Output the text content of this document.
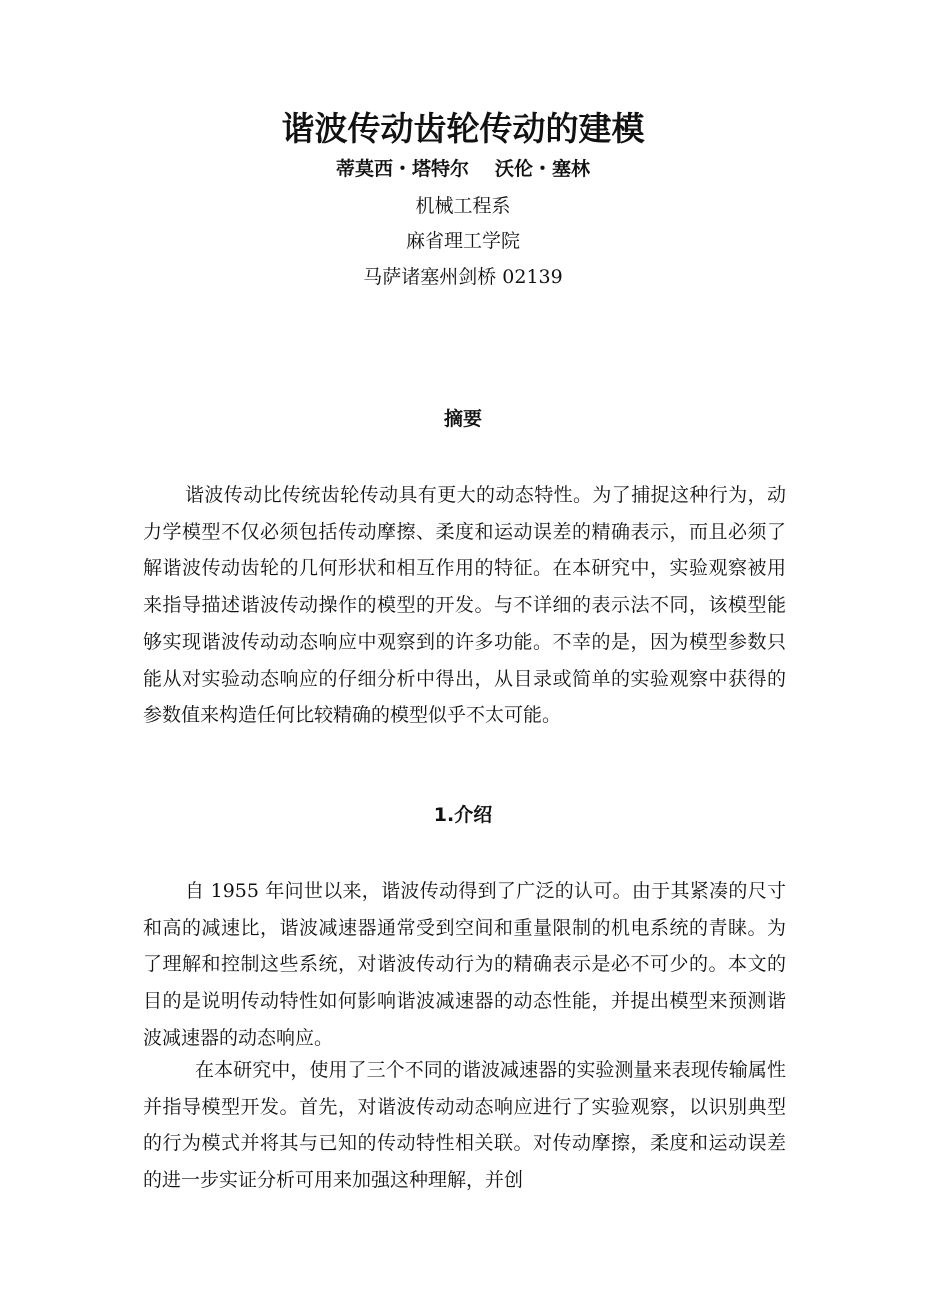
谐波传动齿轮传动的建模
蒂莫西・塔特尔 沃伦・塞林
机械工程系
麻省理工学院
马萨诸塞州剑桥 02139
摘要

谐波传动比传统齿轮传动具有更大的动态特性。为了捕捉这种行为，动力学模型不仅必须包括传动摩擦、柔度和运动误差的精确表示，而且必须了解谐波传动齿轮的几何形状和相互作用的特征。在本研究中，实验观察被用来指导描述谐波传动操作的模型的开发。与不详细的表示法不同，该模型能够实现谐波传动动态响应中观察到的许多功能。不幸的是，因为模型参数只能从对实验动态响应的仔细分析中得出，从目录或简单的实验观察中获得的参数值来构造任何比较精确的模型似乎不太可能。

1.介绍

自 1955 年问世以来，谐波传动得到了广泛的认可。由于其紧凑的尺寸和高的减速比，谐波减速器通常受到空间和重量限制的机电系统的青睐。为了理解和控制这些系统，对谐波传动行为的精确表示是必不可少的。本文的目的是说明传动特性如何影响谐波减速器的动态性能，并提出模型来预测谐波减速器的动态响应。

在本研究中，使用了三个不同的谐波减速器的实验测量来表现传输属性并指导模型开发。首先，对谐波传动动态响应进行了实验观察，以识别典型的行为模式并将其与已知的传动特性相关联。对传动摩擦，柔度和运动误差的进一步实证分析可用来加强这种理解，并创
